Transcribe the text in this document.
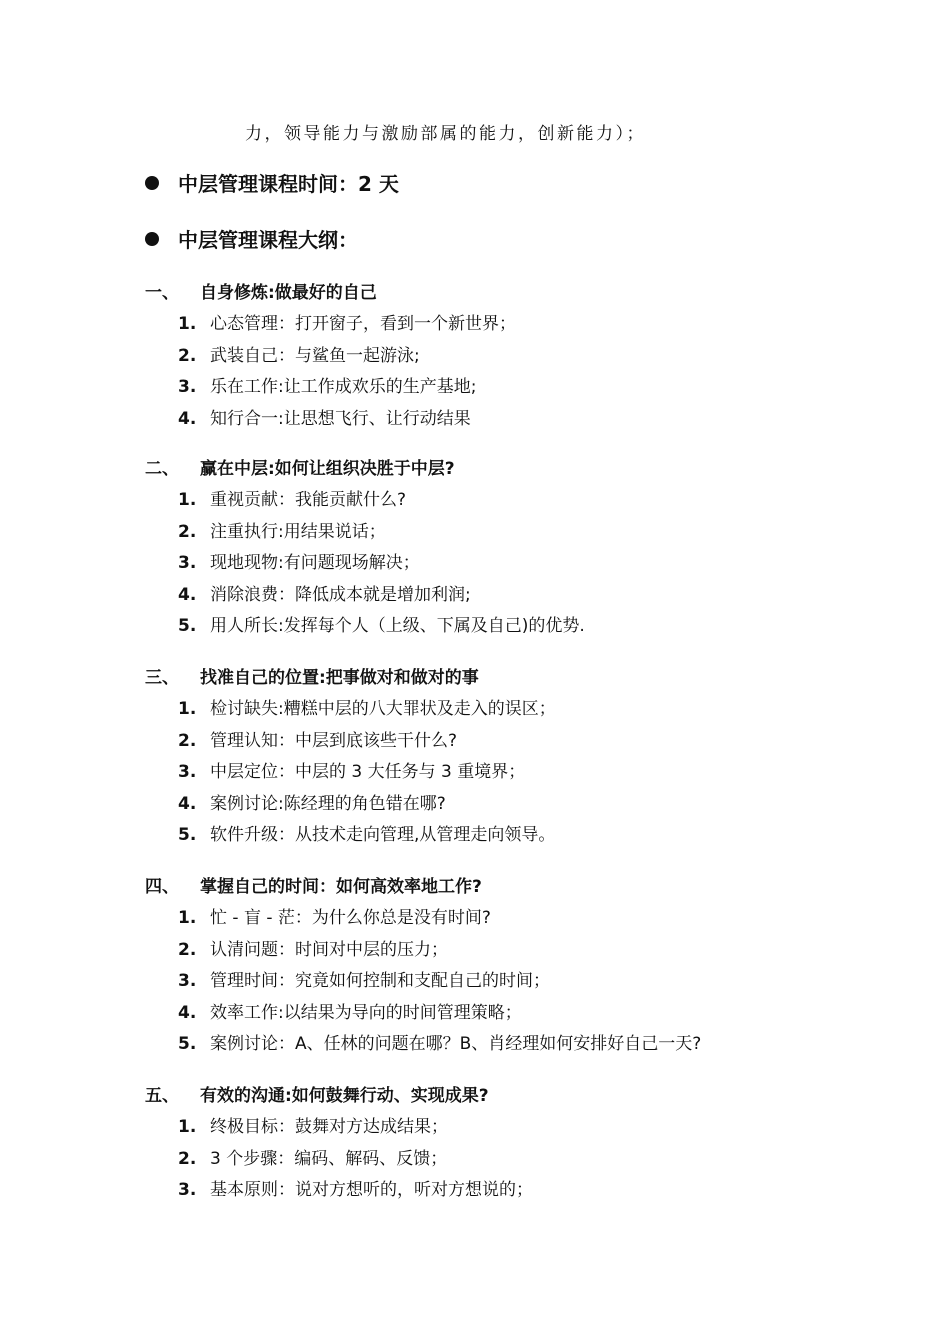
力，领导能力与激励部属的能力，创新能力）；
中层管理课程时间：2 天
中层管理课程大纲：
一、 自身修炼:做最好的自己
1. 心态管理：打开窗子，看到一个新世界；
2. 武装自己：与鲨鱼一起游泳;
3. 乐在工作:让工作成欢乐的生产基地;
4. 知行合一:让思想飞行、让行动结果
二、 赢在中层:如何让组织决胜于中层?
1. 重视贡献：我能贡献什么?
2. 注重执行:用结果说话；
3. 现地现物:有问题现场解决；
4. 消除浪费：降低成本就是增加利润;
5. 用人所长:发挥每个人（上级、下属及自己)的优势.
三、 找准自己的位置:把事做对和做对的事
1. 检讨缺失:糟糕中层的八大罪状及走入的误区；
2. 管理认知：中层到底该些干什么?
3. 中层定位：中层的 3 大任务与 3 重境界；
4. 案例讨论:陈经理的角色错在哪?
5. 软件升级：从技术走向管理,从管理走向领导。
四、 掌握自己的时间：如何高效率地工作?
1. 忙 - 盲 - 茫：为什么你总是没有时间?
2. 认清问题：时间对中层的压力；
3. 管理时间：究竟如何控制和支配自己的时间；
4. 效率工作:以结果为导向的时间管理策略；
5. 案例讨论：A、任林的问题在哪？B、肖经理如何安排好自己一天?
五、 有效的沟通:如何鼓舞行动、实现成果?
1. 终极目标：鼓舞对方达成结果；
2. 3 个步骤：编码、解码、反馈；
3. 基本原则：说对方想听的，听对方想说的；
